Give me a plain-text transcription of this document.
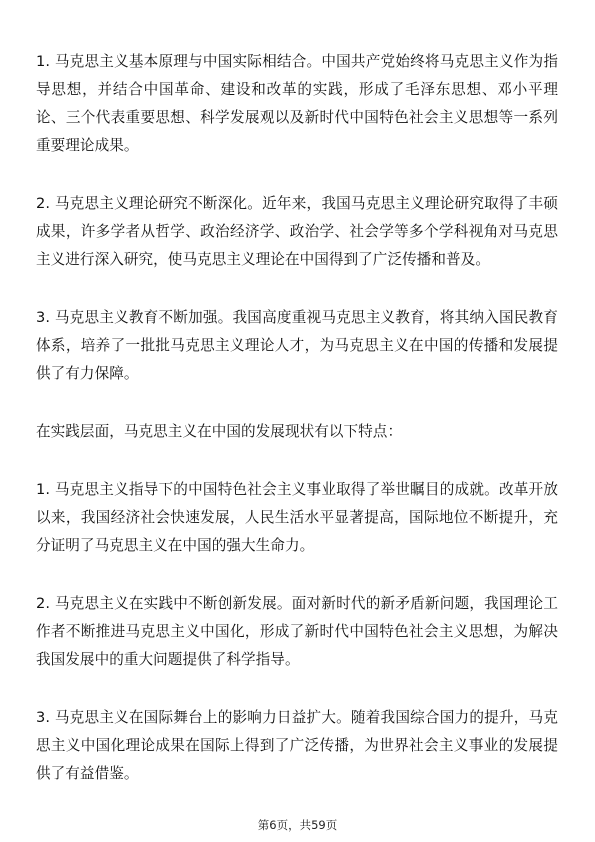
1. 马克思主义基本原理与中国实际相结合。中国共产党始终将马克思主义作为指导思想，并结合中国革命、建设和改革的实践，形成了毛泽东思想、邓小平理论、三个代表重要思想、科学发展观以及新时代中国特色社会主义思想等一系列重要理论成果。

2. 马克思主义理论研究不断深化。近年来，我国马克思主义理论研究取得了丰硕成果，许多学者从哲学、政治经济学、政治学、社会学等多个学科视角对马克思主义进行深入研究，使马克思主义理论在中国得到了广泛传播和普及。

3. 马克思主义教育不断加强。我国高度重视马克思主义教育，将其纳入国民教育体系，培养了一批批马克思主义理论人才，为马克思主义在中国的传播和发展提供了有力保障。

在实践层面，马克思主义在中国的发展现状有以下特点：

1. 马克思主义指导下的中国特色社会主义事业取得了举世瞩目的成就。改革开放以来，我国经济社会快速发展，人民生活水平显著提高，国际地位不断提升，充分证明了马克思主义在中国的强大生命力。

2. 马克思主义在实践中不断创新发展。面对新时代的新矛盾新问题，我国理论工作者不断推进马克思主义中国化，形成了新时代中国特色社会主义思想，为解决我国发展中的重大问题提供了科学指导。

3. 马克思主义在国际舞台上的影响力日益扩大。随着我国综合国力的提升，马克思主义中国化理论成果在国际上得到了广泛传播，为世界社会主义事业的发展提供了有益借鉴。

第6页，共59页
